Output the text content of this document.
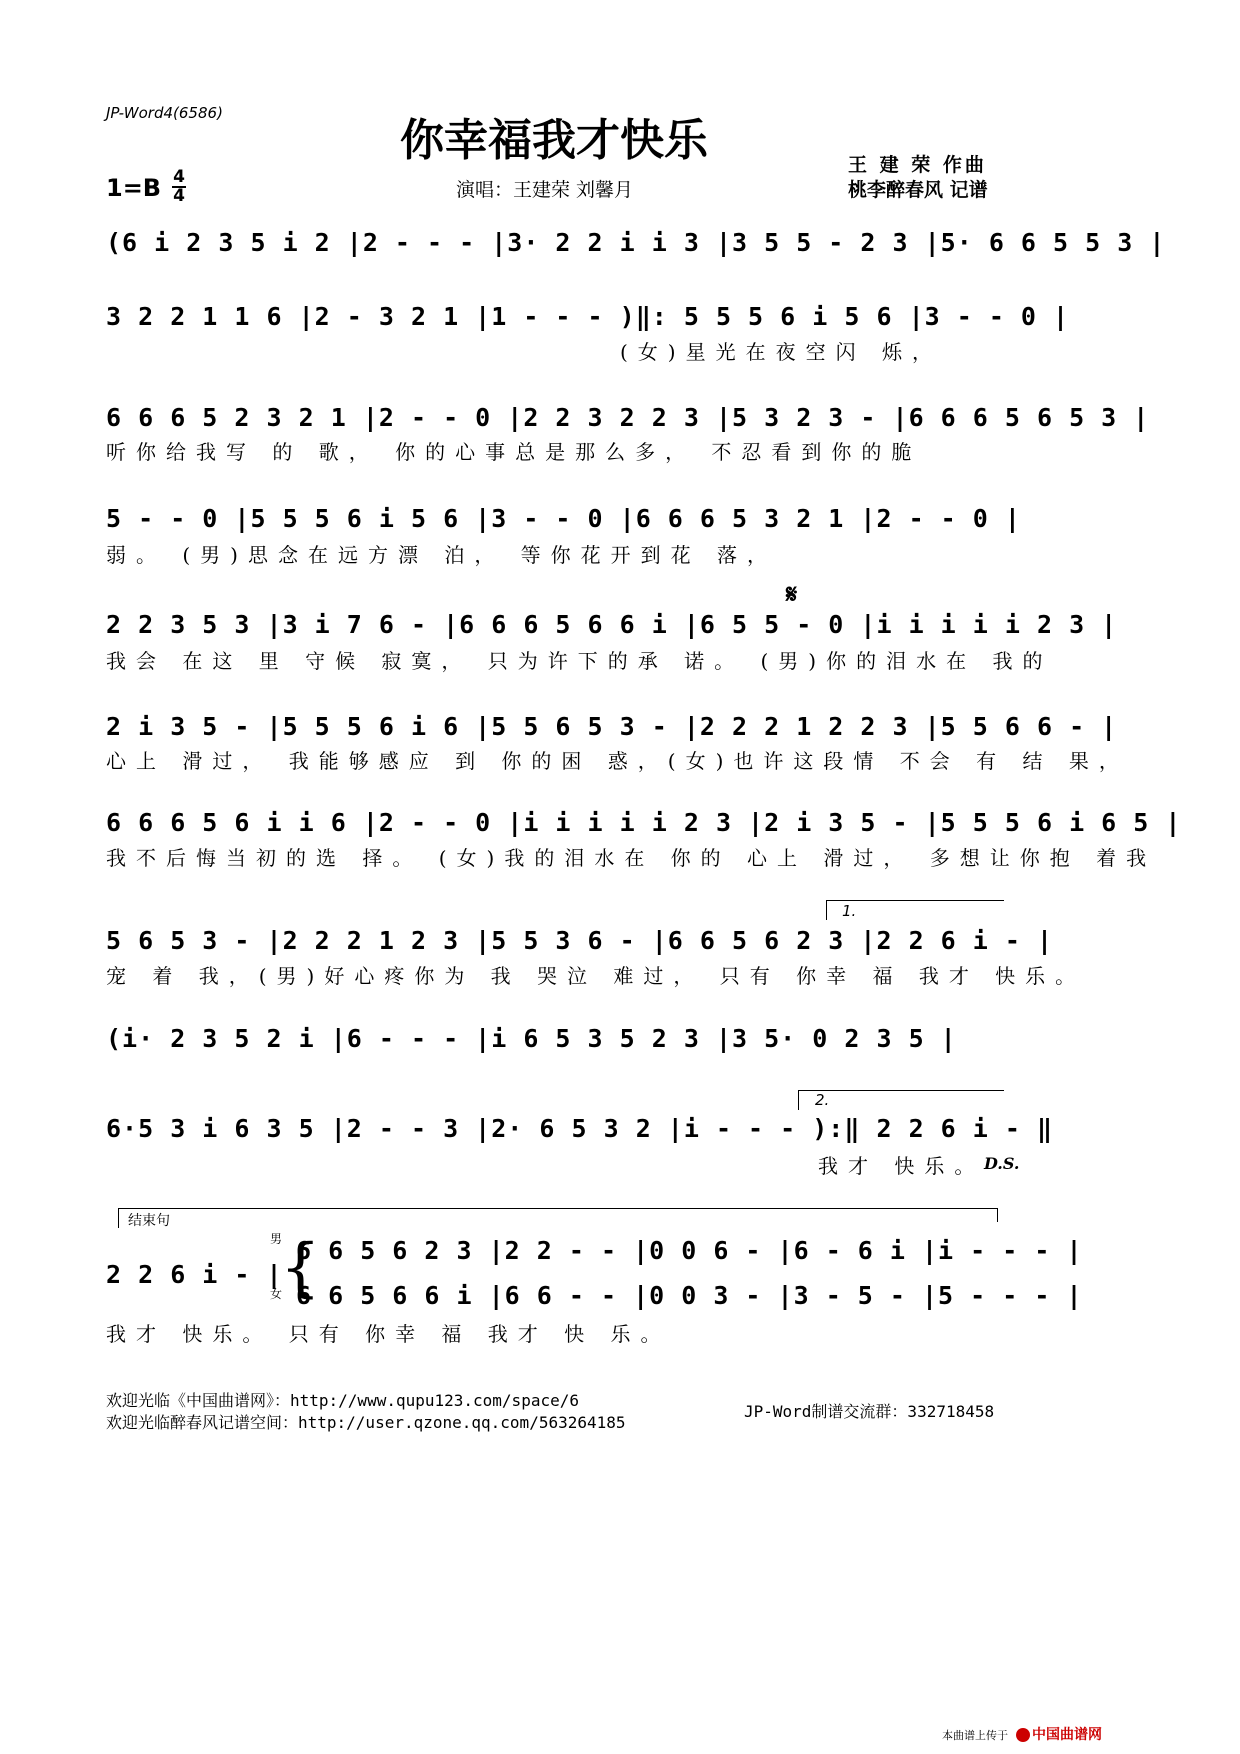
JP-Word4(6586)
你幸福我才快乐
1=B 4
4	演唱：王建荣 刘馨月
王 建 荣 作曲
桃李醉春风 记谱
(6 i 2 3 5 i 2 |2 - - - |3· 2 2 i i 3 |3 5 5 - 2 3 |5· 6 6 5 5 3 |
3 2 2 1 1 6 |2 - 3 2 1 |1 - - - )‖: 5 5 5 6 i 5 6 |3 - - 0 |
(女)星光在夜空闪 烁，
6 6 6 5 2 3 2 1 |2 - - 0 |2 2 3 2 2 3 |5 3 2 3 - |6 6 6 5 6 5 3 |
听你给我写 的 歌， 你的心事总是那么多， 不忍看到你的脆
5 - - 0 |5 5 5 6 i 5 6 |3 - - 0 |6 6 6 5 3 2 1 |2 - - 0 |
弱。 (男)思念在远方漂 泊， 等你花开到花 落，
𝄋
2 2 3 5 3 |3 i 7 6 - |6 6 6 5 6 6 i |6 5 5 - 0 |i i i i i 2 3 |
我会 在这 里 守候 寂寞， 只为许下的承 诺。 (男)你的泪水在 我的
2 i 3 5 - |5 5 5 6 i 6 |5 5 6 5 3 - |2 2 2 1 2 2 3 |5 5 6 6 - |
心上 滑过， 我能够感应 到 你的困 惑，(女)也许这段情 不会 有 结 果，
6 6 6 5 6 i i 6 |2 - - 0 |i i i i i 2 3 |2 i 3 5 - |5 5 5 6 i 6 5 |
我不后悔当初的选 择。 (女)我的泪水在 你的 心上 滑过， 多想让你抱 着我
1.
5 6 5 3 - |2 2 2 1 2 3 |5 5 3 6 - |6 6 5 6 2 3 |2 2 6 i - |
宠 着 我，(男)好心疼你为 我 哭泣 难过， 只有 你幸 福 我才 快乐。
(i· 2 3 5 2 i |6 - - - |i 6 5 3 5 2 3 |3 5· 0 2 3 5 |
2.
6·5 3 i 6 3 5 |2 - - 3 |2· 6 5 3 2 |i - - - ):‖ 2 2 6 i - ‖
我才 快乐。 D.S.
结束句
2 2 6 i - |
男
女
{
6 6 5 6 2 3 |2 2 - - |0 0 6 - |6 - 6 i |i - - - |
6 6 5 6 6 i |6 6 - - |0 0 3 - |3 - 5 - |5 - - - |
我才 快乐。 只有 你幸 福 我才 快 乐。
欢迎光临《中国曲谱网》：http://www.qupu123.com/space/6
欢迎光临醉春风记谱空间：http://user.qzone.qq.com/563264185
JP-Word制谱交流群：332718458
本曲谱上传于	中国曲谱网
